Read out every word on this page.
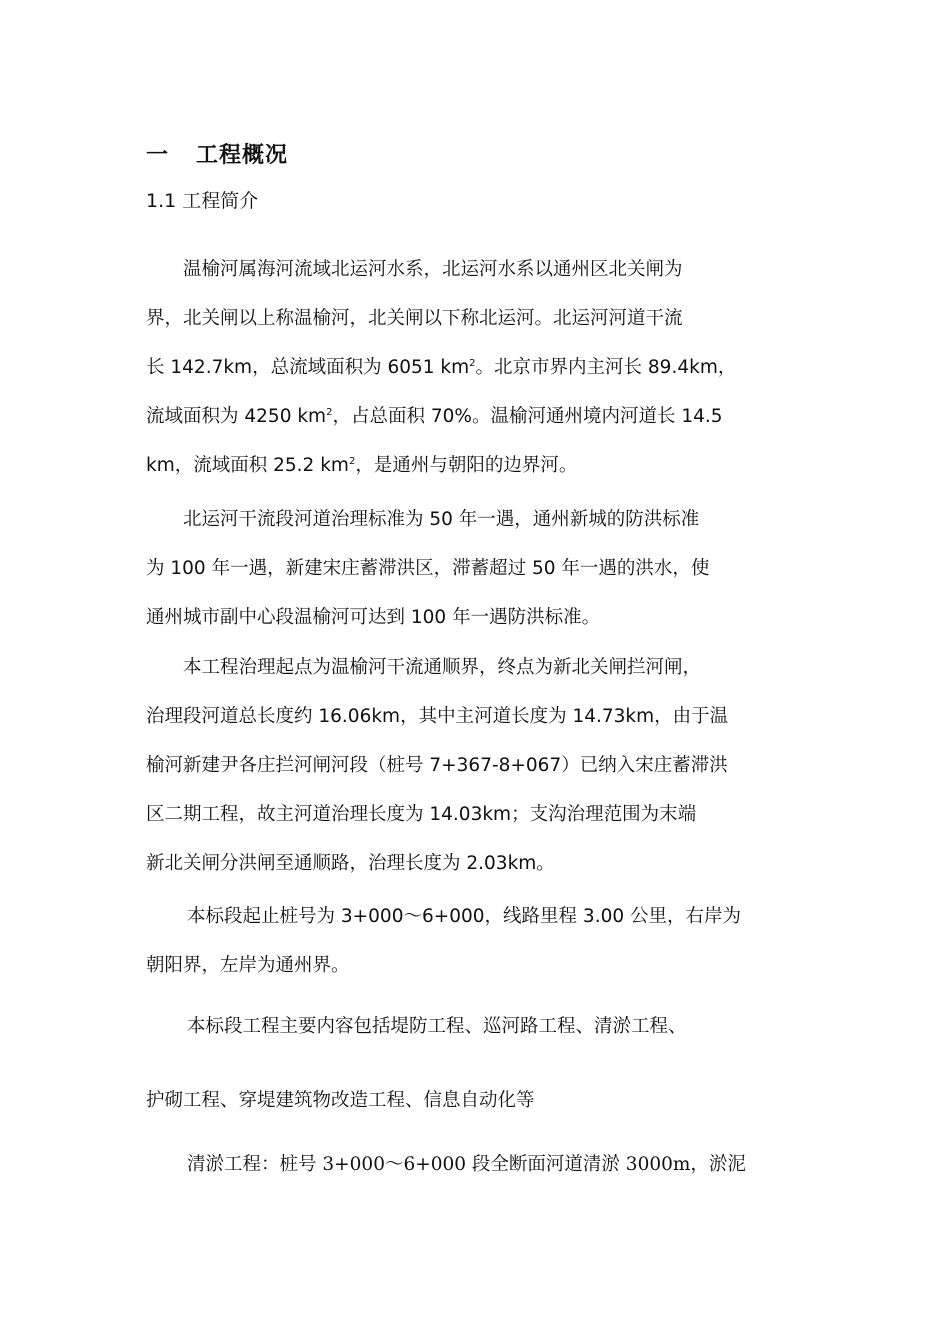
一 工程概况
1.1 工程简介
温榆河属海河流域北运河水系，北运河水系以通州区北关闸为
界，北关闸以上称温榆河，北关闸以下称北运河。北运河河道干流
长 142.7km，总流域面积为 6051 $km^2$。北京市界内主河长 89.4km，
流域面积为 4250 $km^2$，占总面积 70%。温榆河通州境内河道长 14.5
km，流域面积 25.2 $km^2$，是通州与朝阳的边界河。
北运河干流段河道治理标准为 50 年一遇，通州新城的防洪标准
为 100 年一遇，新建宋庄蓄滞洪区，滞蓄超过 50 年一遇的洪水，使
通州城市副中心段温榆河可达到 100 年一遇防洪标准。
本工程治理起点为温榆河干流通顺界，终点为新北关闸拦河闸，
治理段河道总长度约 16.06km，其中主河道长度为 14.73km，由于温
榆河新建尹各庄拦河闸河段（桩号 7+367-8+067）已纳入宋庄蓄滞洪
区二期工程，故主河道治理长度为 14.03km；支沟治理范围为末端
新北关闸分洪闸至通顺路，治理长度为 2.03km。
本标段起止桩号为 3+000～6+000，线路里程 3.00 公里，右岸为
朝阳界，左岸为通州界。
本标段工程主要内容包括堤防工程、巡河路工程、清淤工程、
护砌工程、穿堤建筑物改造工程、信息自动化等
清淤工程：桩号 3+000～6+000 段全断面河道清淤 3000m，淤泥
